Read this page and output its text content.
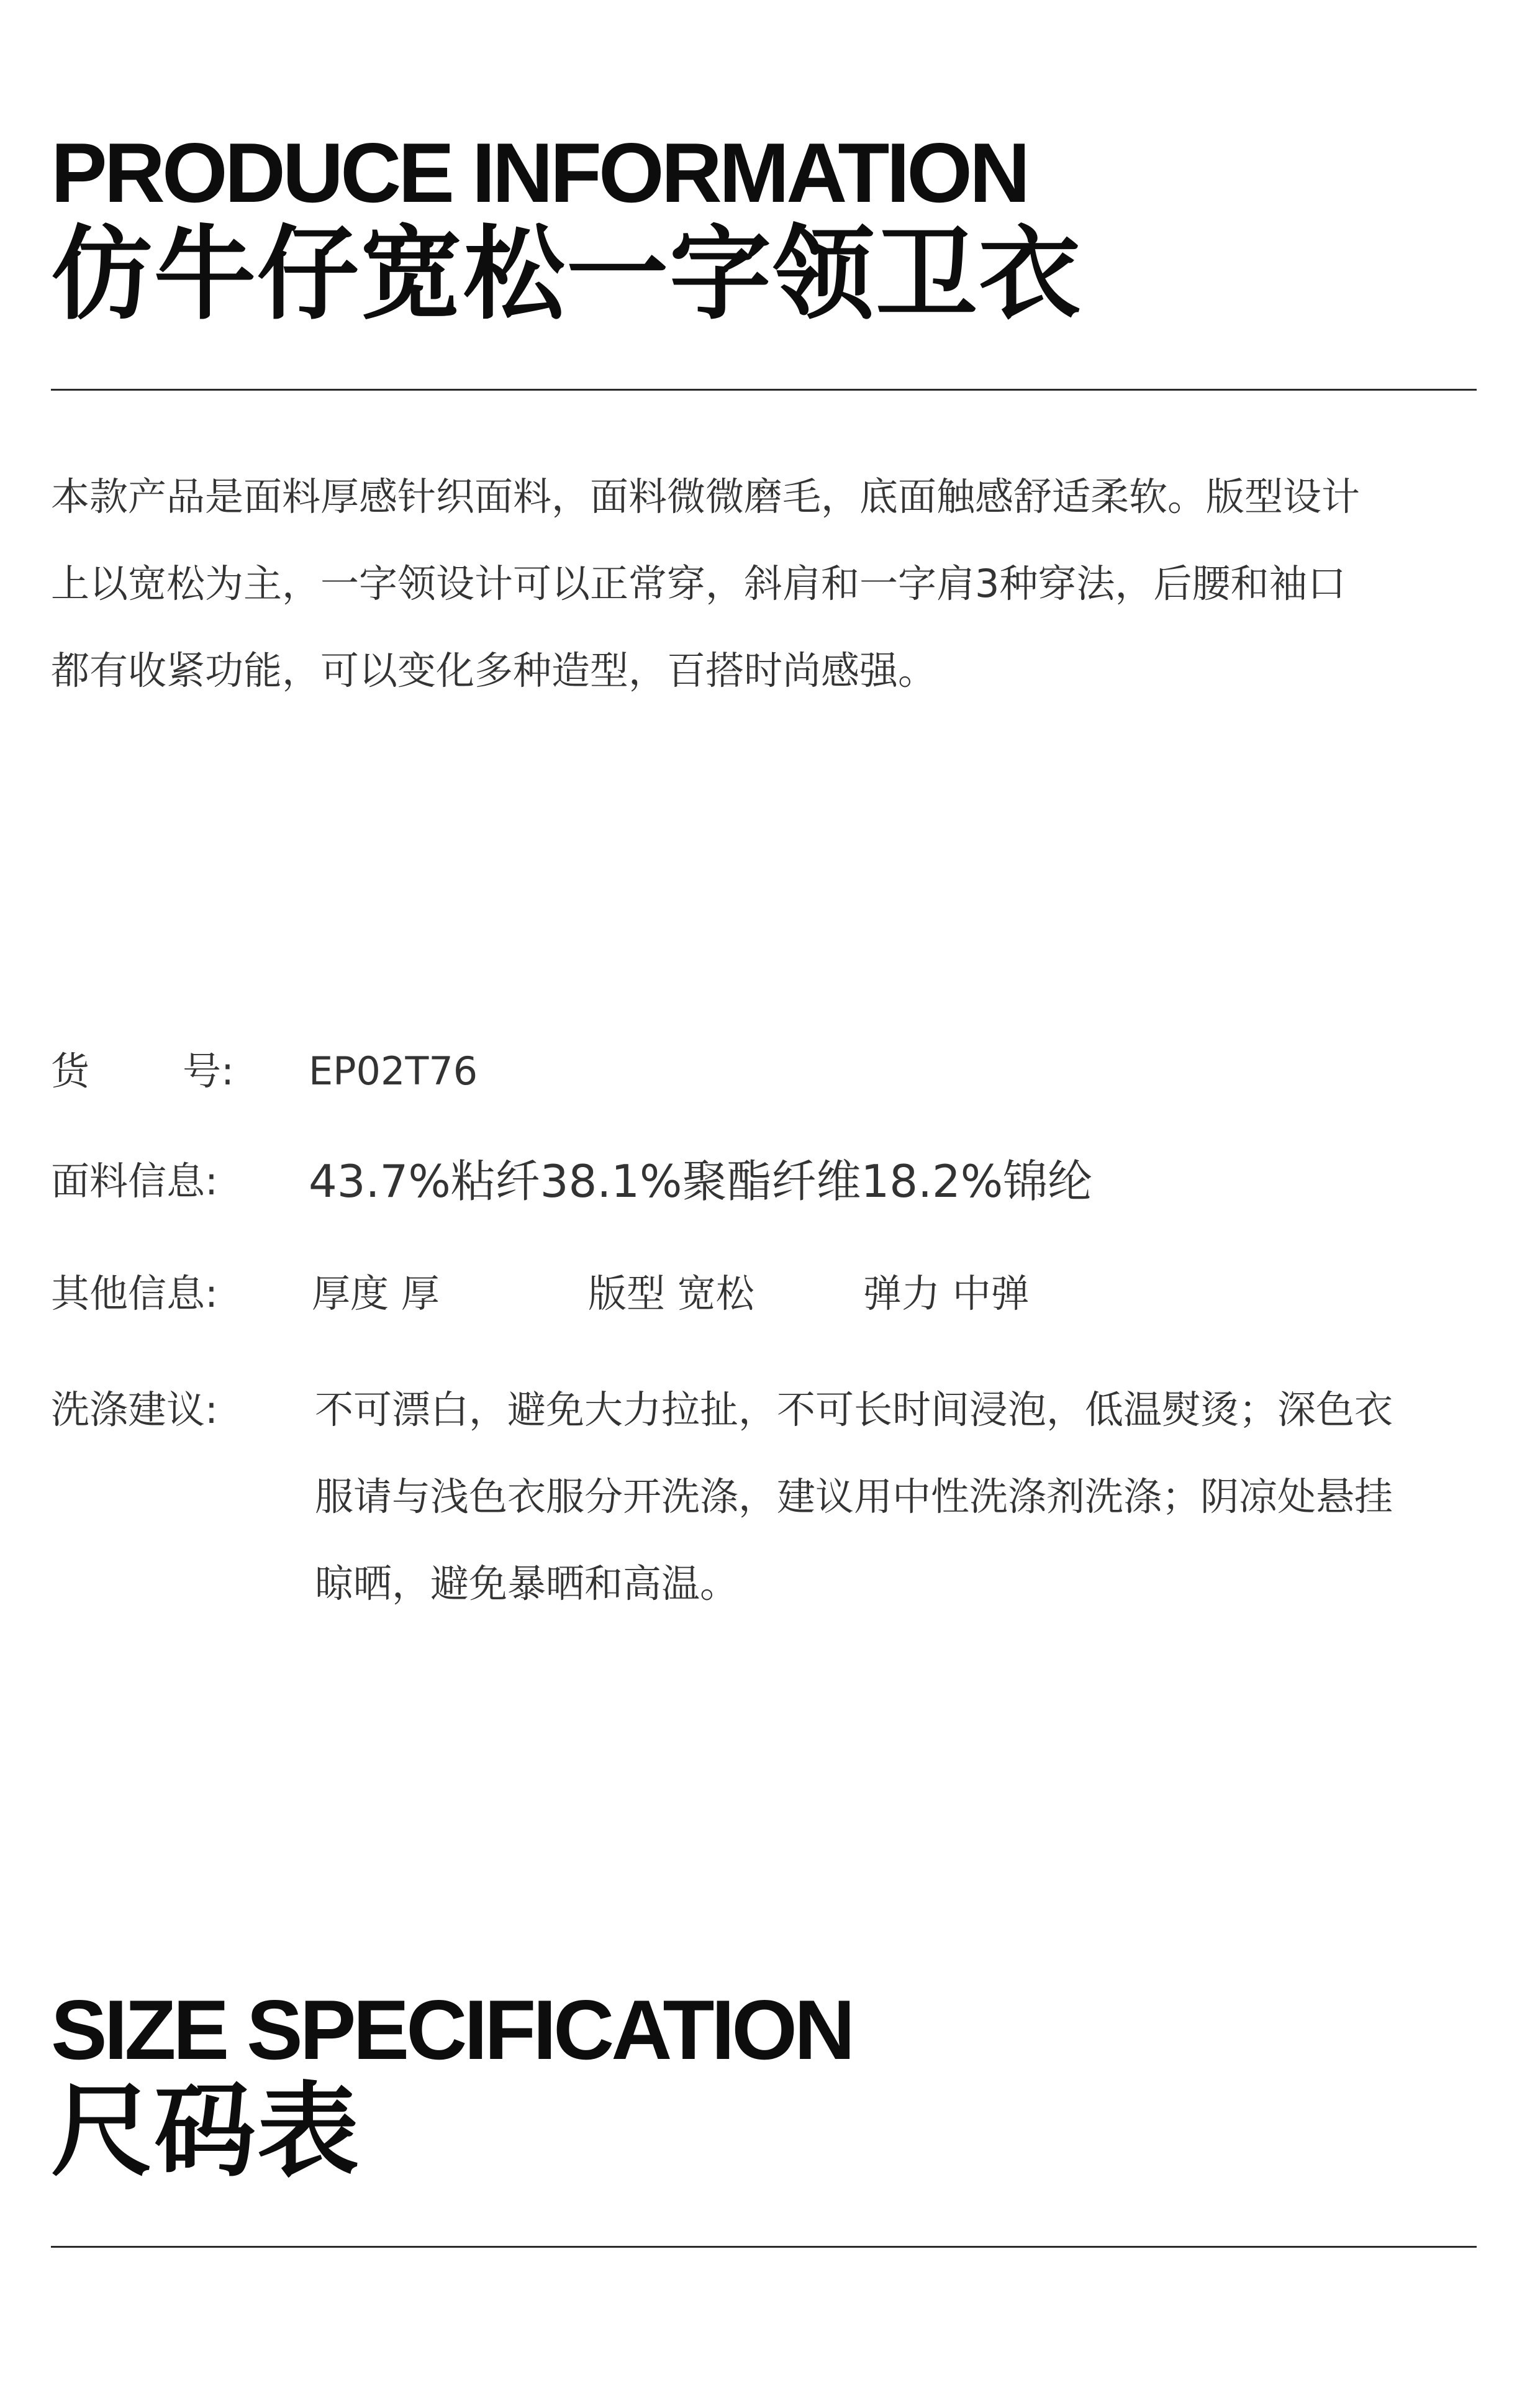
PRODUCE INFORMATION
仿牛仔宽松一字领卫衣

本款产品是面料厚感针织面料，面料微微磨毛，底面触感舒适柔软。版型设计
上以宽松为主，一字领设计可以正常穿，斜肩和一字肩3种穿法，后腰和袖口
都有收紧功能，可以变化多种造型，百搭时尚感强。

货 号: EP02T76
面料信息: 43.7%粘纤38.1%聚酯纤维18.2%锦纶
其他信息: 厚度 厚	版型 宽松	弹力 中弹
洗涤建议:	不可漂白，避免大力拉扯，不可长时间浸泡，低温熨烫；深色衣
服请与浅色衣服分开洗涤，建议用中性洗涤剂洗涤；阴凉处悬挂
晾晒，避免暴晒和高温。
SIZE SPECIFICATION
尺码表
